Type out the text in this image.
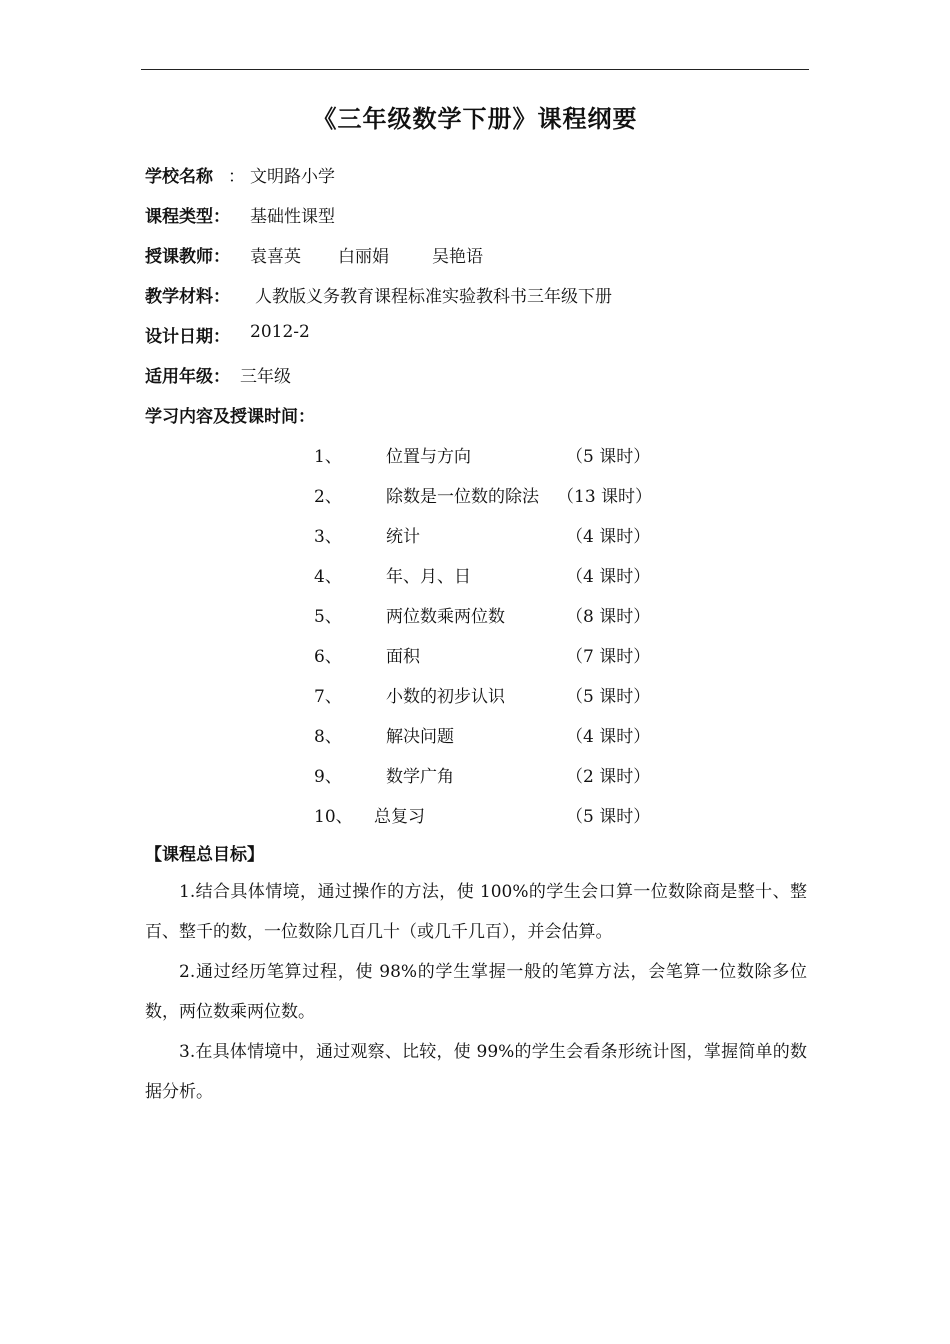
《三年级数学下册》课程纲要
学校名称 ： 文明路小学
课程类型： 基础性课型
授课教师： 袁喜英 白丽娟	吴艳语
教学材料： 人教版义务教育课程标准实验教科书三年级下册
设计日期： 2012-2
适用年级： 三年级
学习内容及授课时间：
1、	位置与方向	（5 课时）
2、	除数是一位数的除法 （13 课时）
3、	统计	（4 课时）
4、	年、月、日	（4 课时）
5、	两位数乘两位数	（8 课时）
6、	面积	（7 课时）
7、	小数的初步认识	（5 课时）
8、	解决问题	（4 课时）
9、	数学广角	（2 课时）
10、 总复习	（5 课时）
【课程总目标】

1.结合具体情境，通过操作的方法，使 100%的学生会口算一位数除商是整十、整百、整千的数，一位数除几百几十（或几千几百），并会估算。

2.通过经历笔算过程，使 98%的学生掌握一般的笔算方法，会笔算一位数除多位数，两位数乘两位数。

3.在具体情境中，通过观察、比较，使 99%的学生会看条形统计图，掌握简单的数据分析。
